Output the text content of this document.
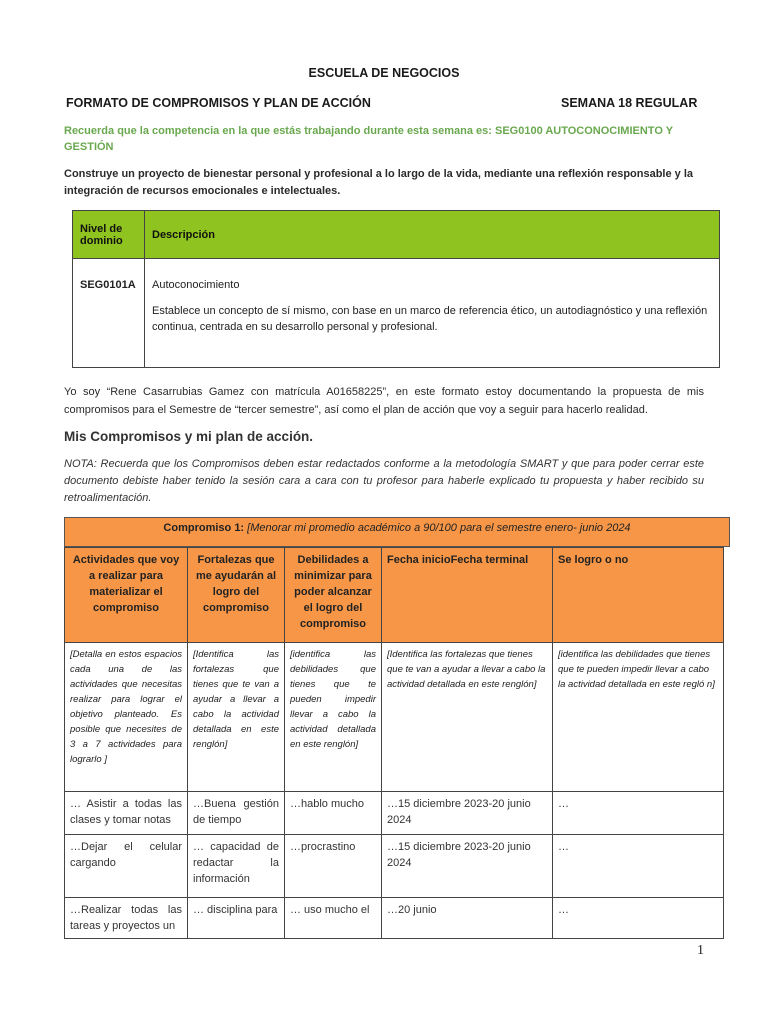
ESCUELA DE NEGOCIOS
FORMATO DE COMPROMISOS Y PLAN DE ACCIÓN	SEMANA 18 REGULAR
Recuerda que la competencia en la que estás trabajando durante esta semana es: SEG0100 AUTOCONOCIMIENTO Y GESTIÓN
Construye un proyecto de bienestar personal y profesional a lo largo de la vida, mediante una reflexión responsable y la integración de recursos emocionales e intelectuales.
Nivel de dominio	Descripción
SEG0101A	Autoconocimiento
Establece un concepto de sí mismo, con base en un marco de referencia ético, un autodiagnóstico y una reflexión continua, centrada en su desarrollo personal y profesional.
Yo soy “Rene Casarrubias Gamez con matrícula A01658225”, en este formato estoy documentando la propuesta de mis compromisos para el Semestre de “tercer semestre”, así como el plan de acción que voy a seguir para hacerlo realidad.
Mis Compromisos y mi plan de acción.
NOTA: Recuerda que los Compromisos deben estar redactados conforme a la metodología SMART y que para poder cerrar este documento debiste haber tenido la sesión cara a cara con tu profesor para haberle explicado tu propuesta y haber recibido su retroalimentación.
Compromiso 1: [Menorar mi promedio académico a 90/100 para el semestre enero- junio 2024
Actividades que voy a realizar para materializar el compromiso	Fortalezas que me ayudarán al logro del compromiso	Debilidades a minimizar para poder alcanzar el logro del compromiso	Fecha inicioFecha terminal	Se logro o no
[Detalla en estos espacios cada una de las actividades que necesitas realizar para lograr el objetivo planteado. Es posible que necesites de 3 a 7 actividades para lograrlo ]	[Identifica las fortalezas que tienes que te van a ayudar a llevar a cabo la actividad detallada en este renglón]	[identifica las debilidades que tienes que te pueden impedir llevar a cabo la actividad detallada en este renglón]	[Identifica las fortalezas que tienes que te van a ayudar a llevar a cabo la actividad detallada en este renglón]	[identifica las debilidades que tienes que te pueden impedir llevar a cabo la actividad detallada en este regló n]
… Asistir a todas las clases y tomar notas	…Buena gestión de tiempo	…hablo mucho	…15 diciembre 2023-20 junio 2024	…
…Dejar el celular cargando	… capacidad de redactar la información	…procrastino	…15 diciembre 2023-20 junio 2024	…
…Realizar todas las tareas y proyectos un	… disciplina para	… uso mucho el	…20 junio	…
1
